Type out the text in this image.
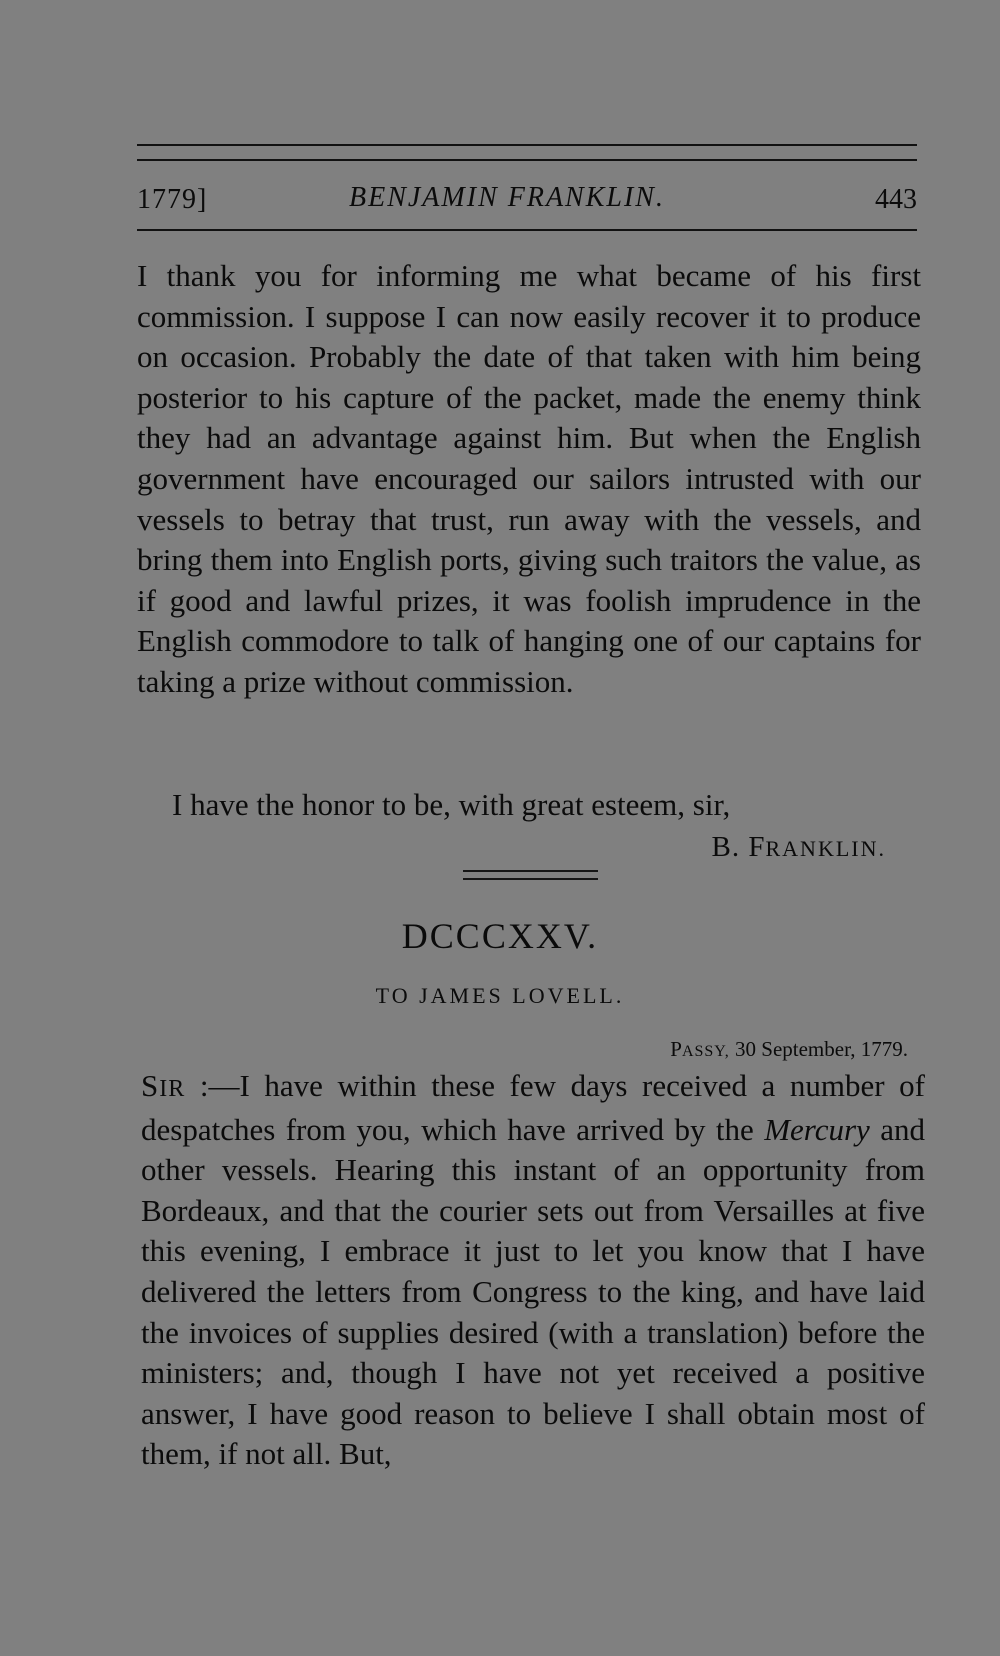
1779]	BENJAMIN FRANKLIN.	443

I thank you for informing me what became of his first commission. I suppose I can now easily recover it to produce on occasion. Probably the date of that taken with him being posterior to his capture of the packet, made the enemy think they had an advantage against him. But when the English government have encouraged our sailors intrusted with our vessels to betray that trust, run away with the vessels, and bring them into English ports, giving such traitors the value, as if good and lawful prizes, it was foolish imprudence in the English commodore to talk of hanging one of our captains for taking a prize without commission.

I have the honor to be, with great esteem, sir,
B. FRANKLIN.
DCCCXXV.
TO JAMES LOVELL.
PASSY, 30 September, 1779.

SIR :—I have within these few days received a number of despatches from you, which have arrived by the Mercury and other vessels. Hearing this instant of an opportunity from Bordeaux, and that the courier sets out from Versailles at five this evening, I embrace it just to let you know that I have delivered the letters from Congress to the king, and have laid the invoices of supplies desired (with a translation) before the ministers; and, though I have not yet received a positive answer, I have good reason to believe I shall obtain most of them, if not all. But,
